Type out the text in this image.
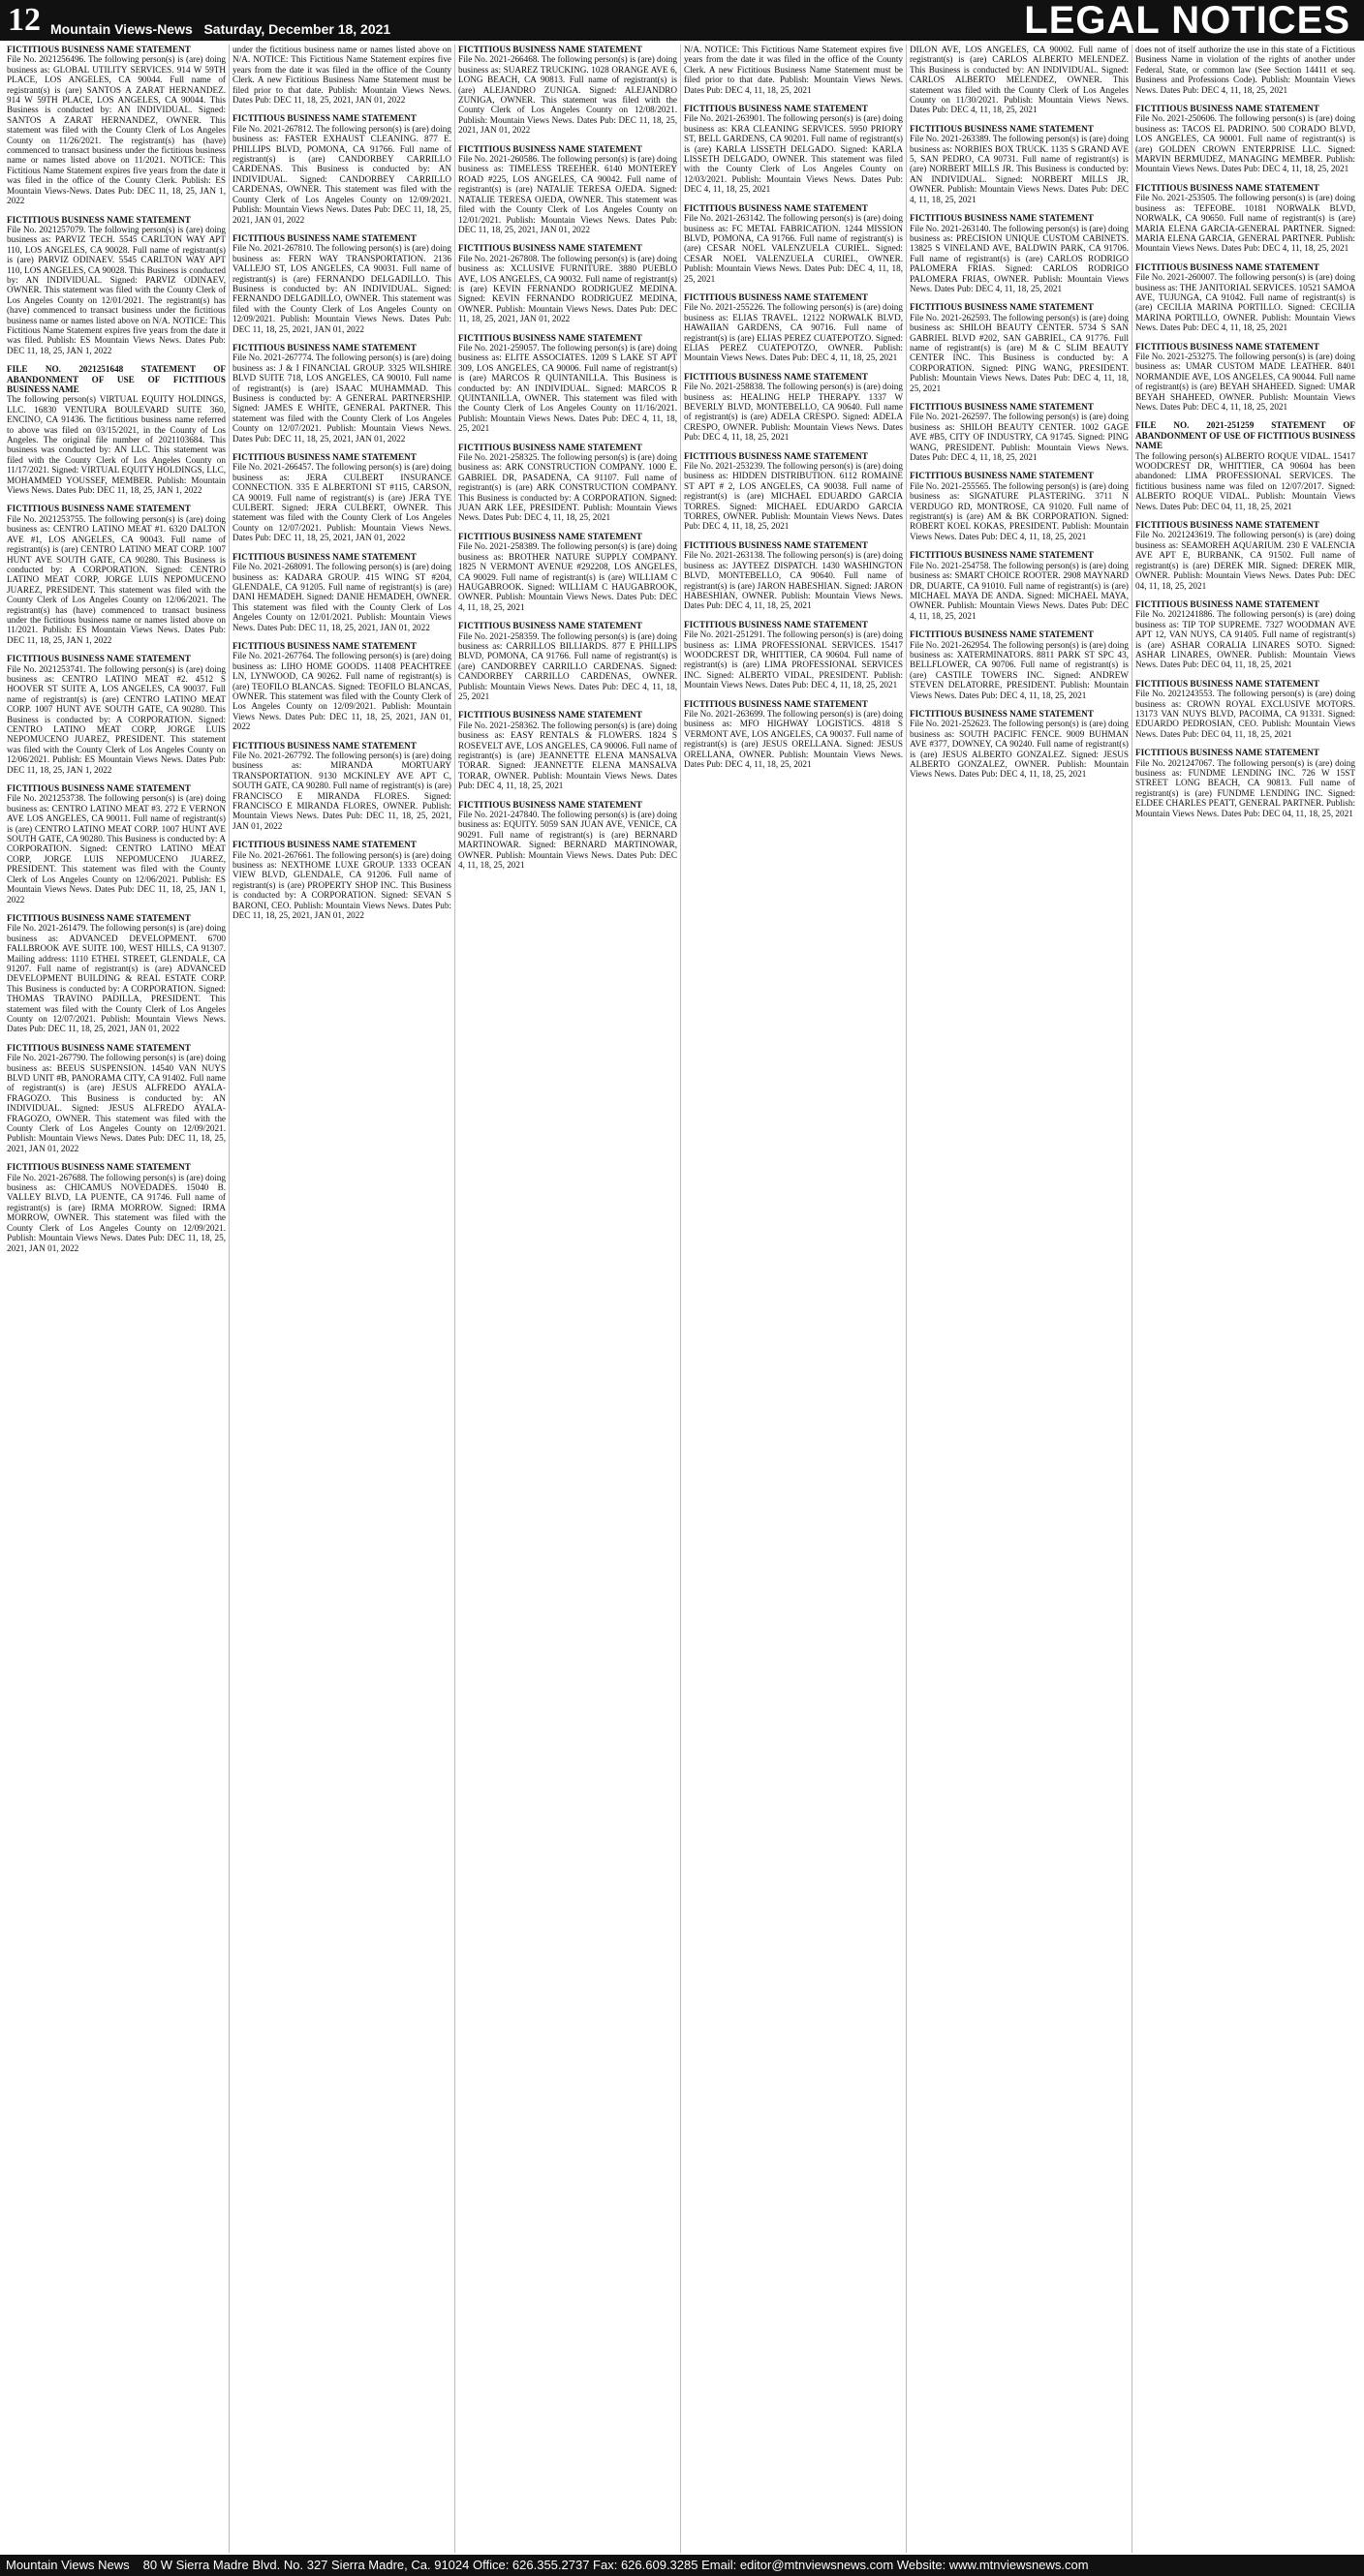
12 Mountain Views-News Saturday, December 18, 2021	LEGAL NOTICES
FICTITIOUS BUSINESS NAME STATEMENT
File No. 2021256496. The following person(s) is (are) doing business as: GLOBAL UTILITY SERVICES. 914 W 59TH PLACE, LOS ANGELES, CA 90044. Full name of registrant(s) is (are) SANTOS A ZARAT HERNANDEZ. 914 W 59TH PLACE, LOS ANGELES, CA 90044. This Business is conducted by: AN INDIVIDUAL. Signed: SANTOS A ZARAT HERNANDEZ, OWNER. This statement was filed with the County Clerk of Los Angeles County on 11/26/2021. The registrant(s) has (have) commenced to transact business under the fictitious business name or names listed above on 11/2021. NOTICE: This Fictitious Name Statement expires five years from the date it was filed in the office of the County Clerk. Publish: ES Mountain Views-News. Dates Pub: DEC 11, 18, 25, JAN 1, 2022
FICTITIOUS BUSINESS NAME STATEMENT
File No. 2021257079. The following person(s) is (are) doing business as: PARVIZ TECH. 5545 CARLTON WAY APT 110, LOS ANGELES, CA 90028. Full name of registrant(s) is (are) PARVIZ ODINAEV. 5545 CARLTON WAY APT 110, LOS ANGELES, CA 90028. This Business is conducted by: AN INDIVIDUAL. Signed: PARVIZ ODINAEV, OWNER. This statement was filed with the County Clerk of Los Angeles County on 12/01/2021. The registrant(s) has (have) commenced to transact business under the fictitious business name or names listed above on N/A. NOTICE: This Fictitious Name Statement expires five years from the date it was filed. Publish: ES Mountain Views News. Dates Pub: DEC 11, 18, 25, JAN 1, 2022
FILE NO. 2021251648 STATEMENT OF ABANDONMENT OF USE OF FICTITIOUS BUSINESS NAME
The following person(s) VIRTUAL EQUITY HOLDINGS, LLC. 16830 VENTURA BOULEVARD SUITE 360, ENCINO, CA 91436. The fictitious business name referred to above was filed on 03/15/2021, in the County of Los Angeles. The original file number of 2021103684. This business was conducted by: AN LLC. This statement was filed with the County Clerk of Los Angeles County on 11/17/2021. Signed: VIRTUAL EQUITY HOLDINGS, LLC, MOHAMMED YOUSSEF, MEMBER. Publish: Mountain Views News. Dates Pub: DEC 11, 18, 25, JAN 1, 2022
FICTITIOUS BUSINESS NAME STATEMENT
File No. 2021253755. The following person(s) is (are) doing business as: CENTRO LATINO MEAT #1. 6320 DALTON AVE #1, LOS ANGELES, CA 90043. Full name of registrant(s) is (are) CENTRO LATINO MEAT CORP. 1007 HUNT AVE SOUTH GATE, CA 90280. This Business is conducted by: A CORPORATION. Signed: CENTRO LATINO MEAT CORP, JORGE LUIS NEPOMUCENO JUAREZ, PRESIDENT. This statement was filed with the County Clerk of Los Angeles County on 12/06/2021. The registrant(s) has (have) commenced to transact business under the fictitious business name or names listed above on 11/2021. Publish: ES Mountain Views News. Dates Pub: DEC 11, 18, 25, JAN 1, 2022
FICTITIOUS BUSINESS NAME STATEMENT
File No. 2021253741. The following person(s) is (are) doing business as: CENTRO LATINO MEAT #2. 4512 S HOOVER ST SUITE A, LOS ANGELES, CA 90037. Full name of registrant(s) is (are) CENTRO LATINO MEAT CORP. 1007 HUNT AVE SOUTH GATE, CA 90280. This Business is conducted by: A CORPORATION. Signed: CENTRO LATINO MEAT CORP, JORGE LUIS NEPOMUCENO JUAREZ, PRESIDENT. This statement was filed with the County Clerk of Los Angeles County on 12/06/2021. Publish: ES Mountain Views News. Dates Pub: DEC 11, 18, 25, JAN 1, 2022
FICTITIOUS BUSINESS NAME STATEMENT
File No. 2021253738. The following person(s) is (are) doing business as: CENTRO LATINO MEAT #3. 272 E VERNON AVE LOS ANGELES, CA 90011. Full name of registrant(s) is (are) CENTRO LATINO MEAT CORP. 1007 HUNT AVE SOUTH GATE, CA 90280. This Business is conducted by: A CORPORATION. Signed: CENTRO LATINO MEAT CORP, JORGE LUIS NEPOMUCENO JUAREZ, PRESIDENT. This statement was filed with the County Clerk of Los Angeles County on 12/06/2021. Publish: ES Mountain Views News. Dates Pub: DEC 11, 18, 25, JAN 1, 2022
FICTITIOUS BUSINESS NAME STATEMENT
File No. 2021-261479. The following person(s) is (are) doing business as: ADVANCED DEVELOPMENT. 6700 FALLBROOK AVE SUITE 100, WEST HILLS, CA 91307. Mailing address: 1110 ETHEL STREET, GLENDALE, CA 91207. Full name of registrant(s) is (are) ADVANCED DEVELOPMENT BUILDING & REAL ESTATE CORP. This Business is conducted by: A CORPORATION. Signed: THOMAS TRAVINO PADILLA, PRESIDENT. This statement was filed with the County Clerk of Los Angeles County on 12/07/2021. Publish: Mountain Views News. Dates Pub: DEC 11, 18, 25, 2021, JAN 01, 2022
FICTITIOUS BUSINESS NAME STATEMENT
File No. 2021-267790. The following person(s) is (are) doing business as: BEEUS SUSPENSION. 14540 VAN NUYS BLVD UNIT #B, PANORAMA CITY, CA 91402. Full name of registrant(s) is (are) JESUS ALFREDO AYALA-FRAGOZO. This Business is conducted by: AN INDIVIDUAL. Signed: JESUS ALFREDO AYALA-FRAGOZO, OWNER. This statement was filed with the County Clerk of Los Angeles County on 12/09/2021. Publish: Mountain Views News. Dates Pub: DEC 11, 18, 25, 2021, JAN 01, 2022
FICTITIOUS BUSINESS NAME STATEMENT
File No. 2021-267688. The following person(s) is (are) doing business as: CHICAMUS NOVEDADES. 15040 B. VALLEY BLVD, LA PUENTE, CA 91746. Full name of registrant(s) is (are) IRMA MORROW. Signed: IRMA MORROW, OWNER. This statement was filed with the County Clerk of Los Angeles County on 12/09/2021. Publish: Mountain Views News. Dates Pub: DEC 11, 18, 25, 2021, JAN 01, 2022
under the fictitious business name or names listed above on N/A. NOTICE: This Fictitious Name Statement expires five years from the date it was filed in the office of the County Clerk. A new Fictitious Business Name Statement must be filed prior to that date. Publish: Mountain Views News. Dates Pub: DEC 11, 18, 25, 2021, JAN 01, 2022
FICTITIOUS BUSINESS NAME STATEMENT
File No. 2021-267812. The following person(s) is (are) doing business as: FASTER EXHAUST CLEANING. 877 E. PHILLIPS BLVD, POMONA, CA 91766. Full name of registrant(s) is (are) CANDORBEY CARRILLO CARDENAS. This Business is conducted by: AN INDIVIDUAL. Signed: CANDORBEY CARRILLO CARDENAS, OWNER. This statement was filed with the County Clerk of Los Angeles County on 12/09/2021. Publish: Mountain Views News. Dates Pub: DEC 11, 18, 25, 2021, JAN 01, 2022
FICTITIOUS BUSINESS NAME STATEMENT
File No. 2021-267810. The following person(s) is (are) doing business as: FERN WAY TRANSPORTATION. 2136 VALLEJO ST, LOS ANGELES, CA 90031. Full name of registrant(s) is (are) FERNANDO DELGADILLO. This Business is conducted by: AN INDIVIDUAL. Signed: FERNANDO DELGADILLO, OWNER. This statement was filed with the County Clerk of Los Angeles County on 12/09/2021. Publish: Mountain Views News. Dates Pub: DEC 11, 18, 25, 2021, JAN 01, 2022
FICTITIOUS BUSINESS NAME STATEMENT
File No. 2021-267774. The following person(s) is (are) doing business as: J & I FINANCIAL GROUP. 3325 WILSHIRE BLVD SUITE 718, LOS ANGELES, CA 90010. Full name of registrant(s) is (are) ISAAC MUHAMMAD. This Business is conducted by: A GENERAL PARTNERSHIP. Signed: JAMES E WHITE, GENERAL PARTNER. This statement was filed with the County Clerk of Los Angeles County on 12/07/2021. Publish: Mountain Views News. Dates Pub: DEC 11, 18, 25, 2021, JAN 01, 2022
FICTITIOUS BUSINESS NAME STATEMENT
File No. 2021-266457. The following person(s) is (are) doing business as: JERA CULBERT INSURANCE CONNECTION. 335 E ALBERTONI ST #115, CARSON, CA 90019. Full name of registrant(s) is (are) JERA TYE CULBERT. Signed: JERA CULBERT, OWNER. This statement was filed with the County Clerk of Los Angeles County on 12/07/2021. Publish: Mountain Views News. Dates Pub: DEC 11, 18, 25, 2021, JAN 01, 2022
FICTITIOUS BUSINESS NAME STATEMENT
File No. 2021-268091. The following person(s) is (are) doing business as: KADARA GROUP. 415 WING ST #204, GLENDALE, CA 91205. Full name of registrant(s) is (are) DANI HEMADEH. Signed: DANIE HEMADEH, OWNER. This statement was filed with the County Clerk of Los Angeles County on 12/01/2021. Publish: Mountain Views News. Dates Pub: DEC 11, 18, 25, 2021, JAN 01, 2022
FICTITIOUS BUSINESS NAME STATEMENT
File No. 2021-267764. The following person(s) is (are) doing business as: LIHO HOME GOODS. 11408 PEACHTREE LN, LYNWOOD, CA 90262. Full name of registrant(s) is (are) TEOFILO BLANCAS. Signed: TEOFILO BLANCAS, OWNER. This statement was filed with the County Clerk of Los Angeles County on 12/09/2021. Publish: Mountain Views News. Dates Pub: DEC 11, 18, 25, 2021, JAN 01, 2022
FICTITIOUS BUSINESS NAME STATEMENT
File No. 2021-267792. The following person(s) is (are) doing business as: MIRANDA MORTUARY TRANSPORTATION. 9130 MCKINLEY AVE APT C, SOUTH GATE, CA 90280. Full name of registrant(s) is (are) FRANCISCO E MIRANDA FLORES. Signed: FRANCISCO E MIRANDA FLORES, OWNER. Publish: Mountain Views News. Dates Pub: DEC 11, 18, 25, 2021, JAN 01, 2022
FICTITIOUS BUSINESS NAME STATEMENT
File No. 2021-267661. The following person(s) is (are) doing business as: NEXTHOME LUXE GROUP. 1333 OCEAN VIEW BLVD, GLENDALE, CA 91206. Full name of registrant(s) is (are) PROPERTY SHOP INC. This Business is conducted by: A CORPORATION. Signed: SEVAN S BARONI, CEO. Publish: Mountain Views News. Dates Pub: DEC 11, 18, 25, 2021, JAN 01, 2022
FICTITIOUS BUSINESS NAME STATEMENT
File No. 2021-266468. The following person(s) is (are) doing business as: SUAREZ TRUCKING. 1028 ORANGE AVE 6, LONG BEACH, CA 90813. Full name of registrant(s) is (are) ALEJANDRO ZUNIGA. Signed: ALEJANDRO ZUNIGA, OWNER. This statement was filed with the County Clerk of Los Angeles County on 12/08/2021. Publish: Mountain Views News. Dates Pub: DEC 11, 18, 25, 2021, JAN 01, 2022
FICTITIOUS BUSINESS NAME STATEMENT
File No. 2021-260586. The following person(s) is (are) doing business as: TIMELESS TREEHER. 6140 MONTEREY ROAD #225, LOS ANGELES, CA 90042. Full name of registrant(s) is (are) NATALIE TERESA OJEDA. Signed: NATALIE TERESA OJEDA, OWNER. This statement was filed with the County Clerk of Los Angeles County on 12/01/2021. Publish: Mountain Views News. Dates Pub: DEC 11, 18, 25, 2021, JAN 01, 2022
FICTITIOUS BUSINESS NAME STATEMENT
File No. 2021-267808. The following person(s) is (are) doing business as: XCLUSIVE FURNITURE. 3880 PUEBLO AVE, LOS ANGELES, CA 90032. Full name of registrant(s) is (are) KEVIN FERNANDO RODRIGUEZ MEDINA. Signed: KEVIN FERNANDO RODRIGUEZ MEDINA, OWNER. Publish: Mountain Views News. Dates Pub: DEC 11, 18, 25, 2021, JAN 01, 2022
FICTITIOUS BUSINESS NAME STATEMENT
File No. 2021-259057. The following person(s) is (are) doing business as: ELITE ASSOCIATES. 1209 S LAKE ST APT 309, LOS ANGELES, CA 90006. Full name of registrant(s) is (are) MARCOS R QUINTANILLA. This Business is conducted by: AN INDIVIDUAL. Signed: MARCOS R QUINTANILLA, OWNER. This statement was filed with the County Clerk of Los Angeles County on 11/16/2021. Publish: Mountain Views News. Dates Pub: DEC 4, 11, 18, 25, 2021
FICTITIOUS BUSINESS NAME STATEMENT
File No. 2021-258325. The following person(s) is (are) doing business as: ARK CONSTRUCTION COMPANY. 1000 E. GABRIEL DR, PASADENA, CA 91107. Full name of registrant(s) is (are) ARK CONSTRUCTION COMPANY. This Business is conducted by: A CORPORATION. Signed: JUAN ARK LEE, PRESIDENT. Publish: Mountain Views News. Dates Pub: DEC 4, 11, 18, 25, 2021
FICTITIOUS BUSINESS NAME STATEMENT
File No. 2021-258389. The following person(s) is (are) doing business as: BROTHER NATURE SUPPLY COMPANY. 1825 N VERMONT AVENUE #292208, LOS ANGELES, CA 90029. Full name of registrant(s) is (are) WILLIAM C HAUGABROOK. Signed: WILLIAM C HAUGABROOK, OWNER. Publish: Mountain Views News. Dates Pub: DEC 4, 11, 18, 25, 2021
FICTITIOUS BUSINESS NAME STATEMENT
File No. 2021-258359. The following person(s) is (are) doing business as: CARRILLOS BILLIARDS. 877 E PHILLIPS BLVD, POMONA, CA 91766. Full name of registrant(s) is (are) CANDORBEY CARRILLO CARDENAS. Signed: CANDORBEY CARRILLO CARDENAS, OWNER. Publish: Mountain Views News. Dates Pub: DEC 4, 11, 18, 25, 2021
FICTITIOUS BUSINESS NAME STATEMENT
File No. 2021-258362. The following person(s) is (are) doing business as: EASY RENTALS & FLOWERS. 1824 S ROSEVELT AVE, LOS ANGELES, CA 90006. Full name of registrant(s) is (are) JEANNETTE ELENA MANSALVA TORAR. Signed: JEANNETTE ELENA MANSALVA TORAR, OWNER. Publish: Mountain Views News. Dates Pub: DEC 4, 11, 18, 25, 2021
FICTITIOUS BUSINESS NAME STATEMENT
File No. 2021-247840. The following person(s) is (are) doing business as: EQUITY. 5059 SAN JUAN AVE, VENICE, CA 90291. Full name of registrant(s) is (are) BERNARD MARTINOWAR. Signed: BERNARD MARTINOWAR, OWNER. Publish: Mountain Views News. Dates Pub: DEC 4, 11, 18, 25, 2021
N/A. NOTICE: This Fictitious Name Statement expires five years from the date it was filed in the office of the County Clerk. A new Fictitious Business Name Statement must be filed prior to that date. Publish: Mountain Views News. Dates Pub: DEC 4, 11, 18, 25, 2021
FICTITIOUS BUSINESS NAME STATEMENT
File No. 2021-263901. The following person(s) is (are) doing business as: KRA CLEANING SERVICES. 5950 PRIORY ST, BELL GARDENS, CA 90201. Full name of registrant(s) is (are) KARLA LISSETH DELGADO. Signed: KARLA LISSETH DELGADO, OWNER. This statement was filed with the County Clerk of Los Angeles County on 12/03/2021. Publish: Mountain Views News. Dates Pub: DEC 4, 11, 18, 25, 2021
FICTITIOUS BUSINESS NAME STATEMENT
File No. 2021-263142. The following person(s) is (are) doing business as: FC METAL FABRICATION. 1244 MISSION BLVD, POMONA, CA 91766. Full name of registrant(s) is (are) CESAR NOEL VALENZUELA CURIEL. Signed: CESAR NOEL VALENZUELA CURIEL, OWNER. Publish: Mountain Views News. Dates Pub: DEC 4, 11, 18, 25, 2021
FICTITIOUS BUSINESS NAME STATEMENT
File No. 2021-255226. The following person(s) is (are) doing business as: ELIAS TRAVEL. 12122 NORWALK BLVD, HAWAIIAN GARDENS, CA 90716. Full name of registrant(s) is (are) ELIAS PEREZ CUATEPOTZO. Signed: ELIAS PEREZ CUATEPOTZO, OWNER. Publish: Mountain Views News. Dates Pub: DEC 4, 11, 18, 25, 2021
FICTITIOUS BUSINESS NAME STATEMENT
File No. 2021-258838. The following person(s) is (are) doing business as: HEALING HELP THERAPY. 1337 W BEVERLY BLVD, MONTEBELLO, CA 90640. Full name of registrant(s) is (are) ADELA CRESPO. Signed: ADELA CRESPO, OWNER. Publish: Mountain Views News. Dates Pub: DEC 4, 11, 18, 25, 2021
FICTITIOUS BUSINESS NAME STATEMENT
File No. 2021-253239. The following person(s) is (are) doing business as: HIDDEN DISTRIBUTION. 6112 ROMAINE ST APT # 2, LOS ANGELES, CA 90038. Full name of registrant(s) is (are) MICHAEL EDUARDO GARCIA TORRES. Signed: MICHAEL EDUARDO GARCIA TORRES, OWNER. Publish: Mountain Views News. Dates Pub: DEC 4, 11, 18, 25, 2021
FICTITIOUS BUSINESS NAME STATEMENT
File No. 2021-263138. The following person(s) is (are) doing business as: JAYTEEZ DISPATCH. 1430 WASHINGTON BLVD, MONTEBELLO, CA 90640. Full name of registrant(s) is (are) JARON HABESHIAN. Signed: JARON HABESHIAN, OWNER. Publish: Mountain Views News. Dates Pub: DEC 4, 11, 18, 25, 2021
FICTITIOUS BUSINESS NAME STATEMENT
File No. 2021-251291. The following person(s) is (are) doing business as: LIMA PROFESSIONAL SERVICES. 15417 WOODCREST DR, WHITTIER, CA 90604. Full name of registrant(s) is (are) LIMA PROFESSIONAL SERVICES INC. Signed: ALBERTO VIDAL, PRESIDENT. Publish: Mountain Views News. Dates Pub: DEC 4, 11, 18, 25, 2021
FICTITIOUS BUSINESS NAME STATEMENT
File No. 2021-263699. The following person(s) is (are) doing business as: MFO HIGHWAY LOGISTICS. 4818 S VERMONT AVE, LOS ANGELES, CA 90037. Full name of registrant(s) is (are) JESUS ORELLANA. Signed: JESUS ORELLANA, OWNER. Publish: Mountain Views News. Dates Pub: DEC 4, 11, 18, 25, 2021
DILON AVE, LOS ANGELES, CA 90002. Full name of registrant(s) is (are) CARLOS ALBERTO MELENDEZ. This Business is conducted by: AN INDIVIDUAL. Signed: CARLOS ALBERTO MELENDEZ, OWNER. This statement was filed with the County Clerk of Los Angeles County on 11/30/2021. Publish: Mountain Views News. Dates Pub: DEC 4, 11, 18, 25, 2021
FICTITIOUS BUSINESS NAME STATEMENT
File No. 2021-263389. The following person(s) is (are) doing business as: NORBIES BOX TRUCK. 1135 S GRAND AVE 5, SAN PEDRO, CA 90731. Full name of registrant(s) is (are) NORBERT MILLS JR. This Business is conducted by: AN INDIVIDUAL. Signed: NORBERT MILLS JR, OWNER. Publish: Mountain Views News. Dates Pub: DEC 4, 11, 18, 25, 2021
FICTITIOUS BUSINESS NAME STATEMENT
File No. 2021-263140. The following person(s) is (are) doing business as: PRECISION UNIQUE CUSTOM CABINETS. 13825 S VINELAND AVE, BALDWIN PARK, CA 91706. Full name of registrant(s) is (are) CARLOS RODRIGO PALOMERA FRIAS. Signed: CARLOS RODRIGO PALOMERA FRIAS, OWNER. Publish: Mountain Views News. Dates Pub: DEC 4, 11, 18, 25, 2021
FICTITIOUS BUSINESS NAME STATEMENT
File No. 2021-262593. The following person(s) is (are) doing business as: SHILOH BEAUTY CENTER. 5734 S SAN GABRIEL BLVD #202, SAN GABRIEL, CA 91776. Full name of registrant(s) is (are) M & C SLIM BEAUTY CENTER INC. This Business is conducted by: A CORPORATION. Signed: PING WANG, PRESIDENT. Publish: Mountain Views News. Dates Pub: DEC 4, 11, 18, 25, 2021
FICTITIOUS BUSINESS NAME STATEMENT
File No. 2021-262597. The following person(s) is (are) doing business as: SHILOH BEAUTY CENTER. 1002 GAGE AVE #B5, CITY OF INDUSTRY, CA 91745. Signed: PING WANG, PRESIDENT. Publish: Mountain Views News. Dates Pub: DEC 4, 11, 18, 25, 2021
FICTITIOUS BUSINESS NAME STATEMENT
File No. 2021-255565. The following person(s) is (are) doing business as: SIGNATURE PLASTERING. 3711 N VERDUGO RD, MONTROSE, CA 91020. Full name of registrant(s) is (are) AM & BK CORPORATION. Signed: ROBERT KOEL KOKAS, PRESIDENT. Publish: Mountain Views News. Dates Pub: DEC 4, 11, 18, 25, 2021
FICTITIOUS BUSINESS NAME STATEMENT
File No. 2021-254758. The following person(s) is (are) doing business as: SMART CHOICE ROOTER. 2908 MAYNARD DR, DUARTE, CA 91010. Full name of registrant(s) is (are) MICHAEL MAYA DE ANDA. Signed: MICHAEL MAYA, OWNER. Publish: Mountain Views News. Dates Pub: DEC 4, 11, 18, 25, 2021
FICTITIOUS BUSINESS NAME STATEMENT
File No. 2021-262954. The following person(s) is (are) doing business as: XATERMINATORS. 8811 PARK ST SPC 43, BELLFLOWER, CA 90706. Full name of registrant(s) is (are) CASTILE TOWERS INC. Signed: ANDREW STEVEN DELATORRE, PRESIDENT. Publish: Mountain Views News. Dates Pub: DEC 4, 11, 18, 25, 2021
FICTITIOUS BUSINESS NAME STATEMENT
File No. 2021-252623. The following person(s) is (are) doing business as: SOUTH PACIFIC FENCE. 9009 BUHMAN AVE #377, DOWNEY, CA 90240. Full name of registrant(s) is (are) JESUS ALBERTO GONZALEZ. Signed: JESUS ALBERTO GONZALEZ, OWNER. Publish: Mountain Views News. Dates Pub: DEC 4, 11, 18, 25, 2021
does not of itself authorize the use in this state of a Fictitious Business Name in violation of the rights of another under Federal, State, or common law (See Section 14411 et seq. Business and Professions Code). Publish: Mountain Views News. Dates Pub: DEC 4, 11, 18, 25, 2021
FICTITIOUS BUSINESS NAME STATEMENT
File No. 2021-250606. The following person(s) is (are) doing business as: TACOS EL PADRINO. 500 CORADO BLVD, LOS ANGELES, CA 90001. Full name of registrant(s) is (are) GOLDEN CROWN ENTERPRISE LLC. Signed: MARVIN BERMUDEZ, MANAGING MEMBER. Publish: Mountain Views News. Dates Pub: DEC 4, 11, 18, 25, 2021
FICTITIOUS BUSINESS NAME STATEMENT
File No. 2021-253505. The following person(s) is (are) doing business as: TEFEOBE. 10181 NORWALK BLVD, NORWALK, CA 90650. Full name of registrant(s) is (are) MARIA ELENA GARCIA-GENERAL PARTNER. Signed: MARIA ELENA GARCIA, GENERAL PARTNER. Publish: Mountain Views News. Dates Pub: DEC 4, 11, 18, 25, 2021
FICTITIOUS BUSINESS NAME STATEMENT
File No. 2021-260007. The following person(s) is (are) doing business as: THE JANITORIAL SERVICES. 10521 SAMOA AVE, TUJUNGA, CA 91042. Full name of registrant(s) is (are) CECILIA MARINA PORTILLO. Signed: CECILIA MARINA PORTILLO, OWNER. Publish: Mountain Views News. Dates Pub: DEC 4, 11, 18, 25, 2021
FICTITIOUS BUSINESS NAME STATEMENT
File No. 2021-253275. The following person(s) is (are) doing business as: UMAR CUSTOM MADE LEATHER. 8401 NORMANDIE AVE, LOS ANGELES, CA 90044. Full name of registrant(s) is (are) BEYAH SHAHEED. Signed: UMAR BEYAH SHAHEED, OWNER. Publish: Mountain Views News. Dates Pub: DEC 4, 11, 18, 25, 2021
FILE NO. 2021-251259 STATEMENT OF ABANDONMENT OF USE OF FICTITIOUS BUSINESS NAME
The following person(s) ALBERTO ROQUE VIDAL. 15417 WOODCREST DR, WHITTIER, CA 90604 has been abandoned: LIMA PROFESSIONAL SERVICES. The fictitious business name was filed on 12/07/2017. Signed: ALBERTO ROQUE VIDAL. Publish: Mountain Views News. Dates Pub: DEC 04, 11, 18, 25, 2021
FICTITIOUS BUSINESS NAME STATEMENT
File No. 2021243619. The following person(s) is (are) doing business as: SEAMOREH AQUARIUM. 230 E VALENCIA AVE APT E, BURBANK, CA 91502. Full name of registrant(s) is (are) DEREK MIR. Signed: DEREK MIR, OWNER. Publish: Mountain Views News. Dates Pub: DEC 04, 11, 18, 25, 2021
FICTITIOUS BUSINESS NAME STATEMENT
File No. 2021241886. The following person(s) is (are) doing business as: TIP TOP SUPREME. 7327 WOODMAN AVE APT 12, VAN NUYS, CA 91405. Full name of registrant(s) is (are) ASHAR CORALIA LINARES SOTO. Signed: ASHAR LINARES, OWNER. Publish: Mountain Views News. Dates Pub: DEC 04, 11, 18, 25, 2021
FICTITIOUS BUSINESS NAME STATEMENT
File No. 2021243553. The following person(s) is (are) doing business as: CROWN ROYAL EXCLUSIVE MOTORS. 13173 VAN NUYS BLVD, PACOIMA, CA 91331. Signed: EDUARDO PEDROSIAN, CEO. Publish: Mountain Views News. Dates Pub: DEC 04, 11, 18, 25, 2021
FICTITIOUS BUSINESS NAME STATEMENT
File No. 2021247067. The following person(s) is (are) doing business as: FUNDME LENDING INC. 726 W 15ST STREET LONG BEACH, CA 90813. Full name of registrant(s) is (are) FUNDME LENDING INC. Signed: ELDEE CHARLES PEATT, GENERAL PARTNER. Publish: Mountain Views News. Dates Pub: DEC 04, 11, 18, 25, 2021
Mountain Views News 80 W Sierra Madre Blvd. No. 327 Sierra Madre, Ca. 91024 Office: 626.355.2737 Fax: 626.609.3285 Email: editor@mtnviewsnews.com Website: www.mtnviewsnews.com
